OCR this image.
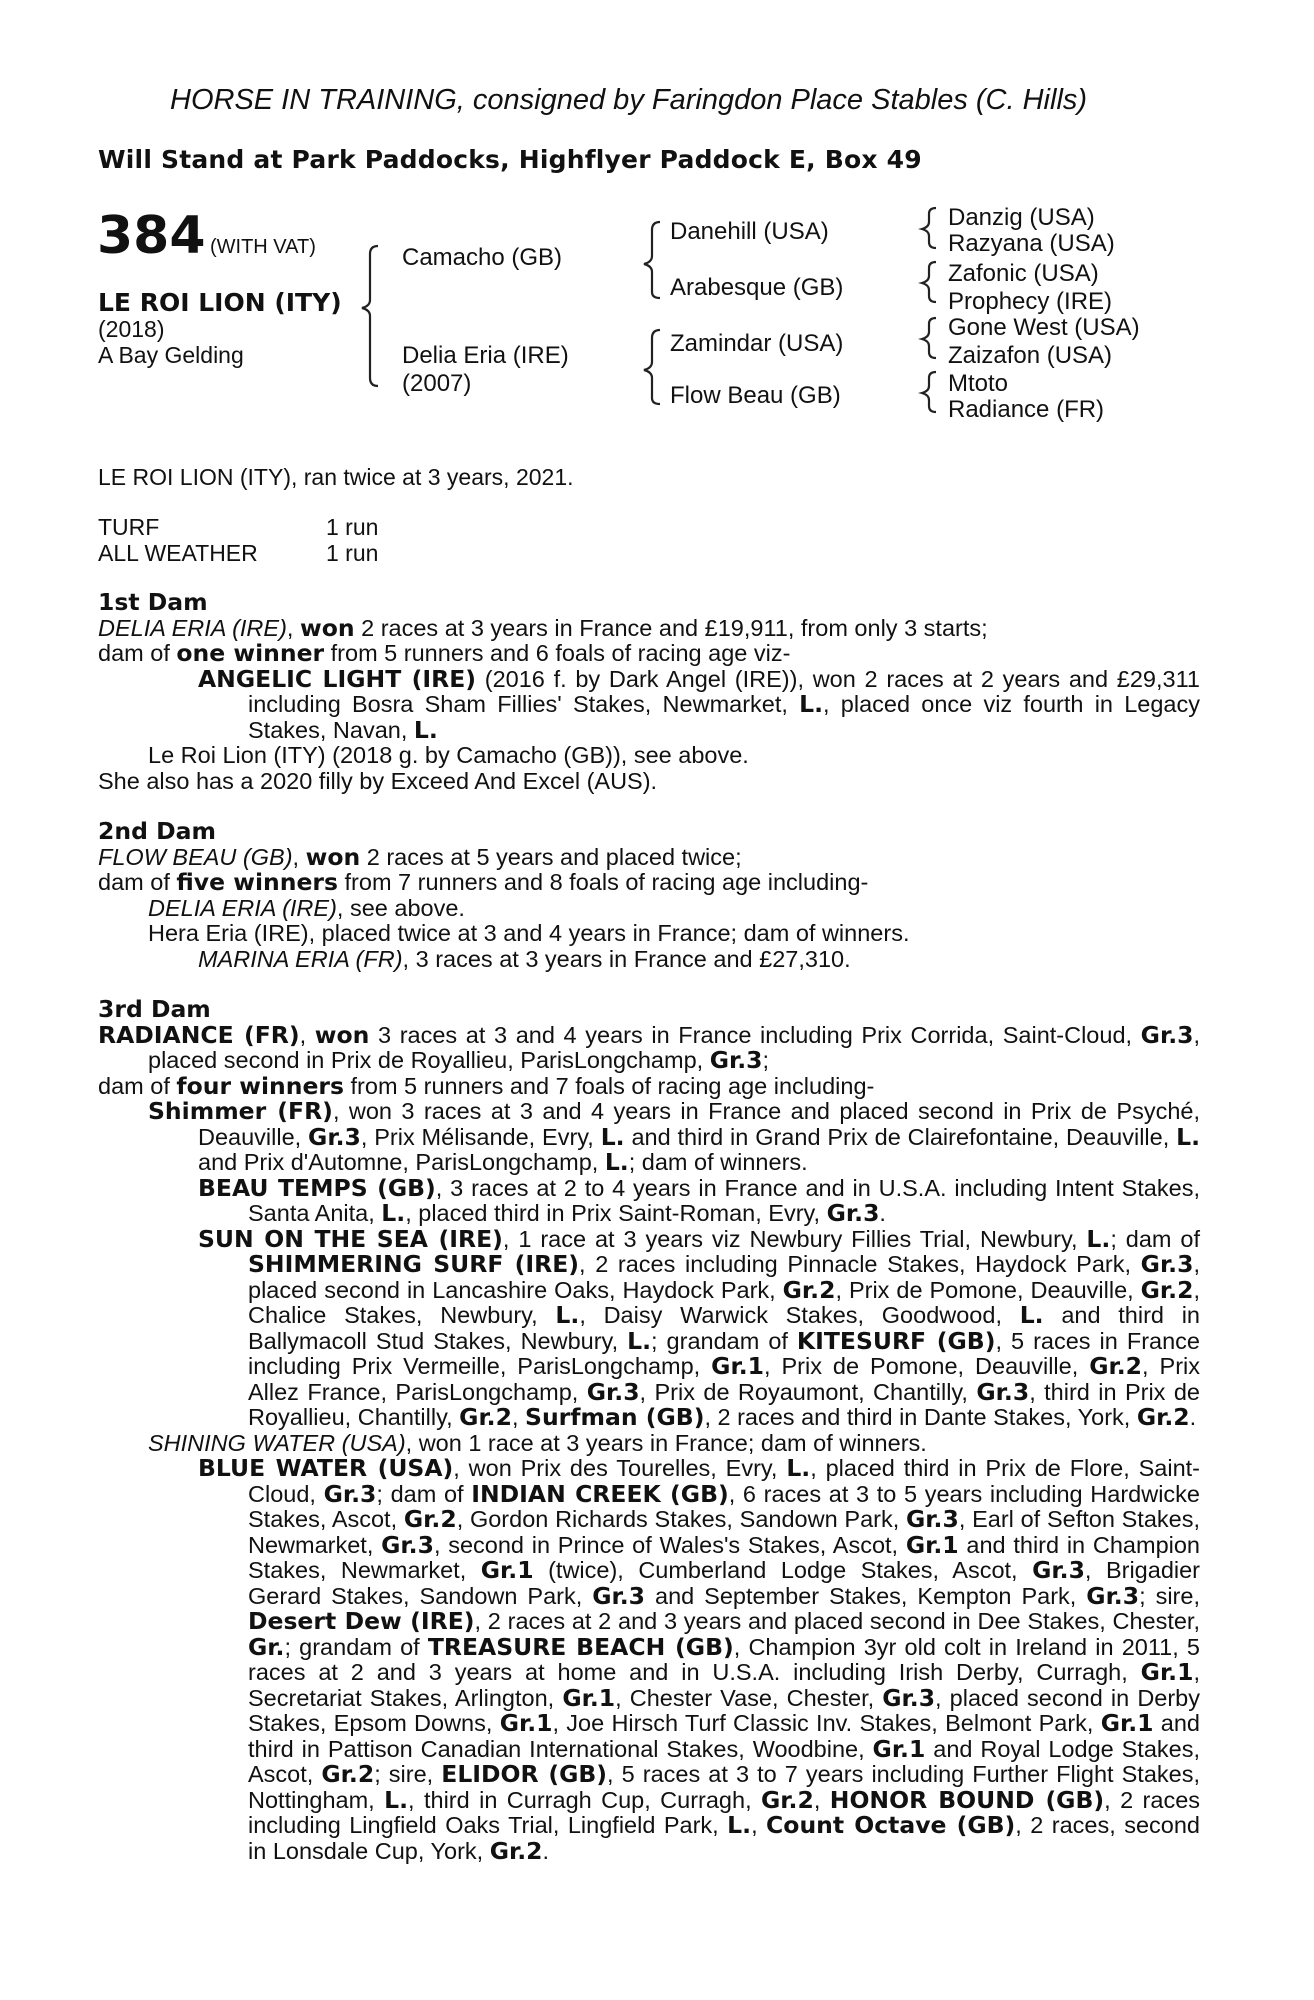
HORSE IN TRAINING, consigned by Faringdon Place Stables (C. Hills)
Will Stand at Park Paddocks, Highflyer Paddock E, Box 49
384 (WITH VAT)
LE ROI LION (ITY)
(2018)
A Bay Gelding
Camacho (GB)
Delia Eria (IRE)
(2007)
Danehill (USA)
Arabesque (GB)
Zamindar (USA)
Flow Beau (GB)
Danzig (USA)
Razyana (USA)
Zafonic (USA)
Prophecy (IRE)
Gone West (USA)
Zaizafon (USA)
Mtoto
Radiance (FR)
LE ROI LION (ITY), ran twice at 3 years, 2021.
TURF	1 run
ALL WEATHER	1 run

1st Dam

DELIA ERIA (IRE), won 2 races at 3 years in France and £19,911, from only 3 starts;

dam of one winner from 5 runners and 6 foals of racing age viz-

ANGELIC LIGHT (IRE) (2016 f. by Dark Angel (IRE)), won 2 races at 2 years and £29,311 including Bosra Sham Fillies' Stakes, Newmarket, L., placed once viz fourth in Legacy Stakes, Navan, L.

Le Roi Lion (ITY) (2018 g. by Camacho (GB)), see above.

She also has a 2020 filly by Exceed And Excel (AUS).

2nd Dam

FLOW BEAU (GB), won 2 races at 5 years and placed twice;

dam of five winners from 7 runners and 8 foals of racing age including-

DELIA ERIA (IRE), see above.

Hera Eria (IRE), placed twice at 3 and 4 years in France; dam of winners.

MARINA ERIA (FR), 3 races at 3 years in France and £27,310.

3rd Dam

RADIANCE (FR), won 3 races at 3 and 4 years in France including Prix Corrida, Saint-Cloud, Gr.3, placed second in Prix de Royallieu, ParisLongchamp, Gr.3;

dam of four winners from 5 runners and 7 foals of racing age including-

Shimmer (FR), won 3 races at 3 and 4 years in France and placed second in Prix de Psyché, Deauville, Gr.3, Prix Mélisande, Evry, L. and third in Grand Prix de Clairefontaine, Deauville, L. and Prix d'Automne, ParisLongchamp, L.; dam of winners.

BEAU TEMPS (GB), 3 races at 2 to 4 years in France and in U.S.A. including Intent Stakes, Santa Anita, L., placed third in Prix Saint-Roman, Evry, Gr.3.

SUN ON THE SEA (IRE), 1 race at 3 years viz Newbury Fillies Trial, Newbury, L.; dam of SHIMMERING SURF (IRE), 2 races including Pinnacle Stakes, Haydock Park, Gr.3, placed second in Lancashire Oaks, Haydock Park, Gr.2, Prix de Pomone, Deauville, Gr.2, Chalice Stakes, Newbury, L., Daisy Warwick Stakes, Goodwood, L. and third in Ballymacoll Stud Stakes, Newbury, L.; grandam of KITESURF (GB), 5 races in France including Prix Vermeille, ParisLongchamp, Gr.1, Prix de Pomone, Deauville, Gr.2, Prix Allez France, ParisLongchamp, Gr.3, Prix de Royaumont, Chantilly, Gr.3, third in Prix de Royallieu, Chantilly, Gr.2, Surfman (GB), 2 races and third in Dante Stakes, York, Gr.2.

SHINING WATER (USA), won 1 race at 3 years in France; dam of winners.

BLUE WATER (USA), won Prix des Tourelles, Evry, L., placed third in Prix de Flore, Saint-Cloud, Gr.3; dam of INDIAN CREEK (GB), 6 races at 3 to 5 years including Hardwicke Stakes, Ascot, Gr.2, Gordon Richards Stakes, Sandown Park, Gr.3, Earl of Sefton Stakes, Newmarket, Gr.3, second in Prince of Wales's Stakes, Ascot, Gr.1 and third in Champion Stakes, Newmarket, Gr.1 (twice), Cumberland Lodge Stakes, Ascot, Gr.3, Brigadier Gerard Stakes, Sandown Park, Gr.3 and September Stakes, Kempton Park, Gr.3; sire, Desert Dew (IRE), 2 races at 2 and 3 years and placed second in Dee Stakes, Chester, Gr.; grandam of TREASURE BEACH (GB), Champion 3yr old colt in Ireland in 2011, 5 races at 2 and 3 years at home and in U.S.A. including Irish Derby, Curragh, Gr.1, Secretariat Stakes, Arlington, Gr.1, Chester Vase, Chester, Gr.3, placed second in Derby Stakes, Epsom Downs, Gr.1, Joe Hirsch Turf Classic Inv. Stakes, Belmont Park, Gr.1 and third in Pattison Canadian International Stakes, Woodbine, Gr.1 and Royal Lodge Stakes, Ascot, Gr.2; sire, ELIDOR (GB), 5 races at 3 to 7 years including Further Flight Stakes, Nottingham, L., third in Curragh Cup, Curragh, Gr.2, HONOR BOUND (GB), 2 races including Lingfield Oaks Trial, Lingfield Park, L., Count Octave (GB), 2 races, second in Lonsdale Cup, York, Gr.2.
